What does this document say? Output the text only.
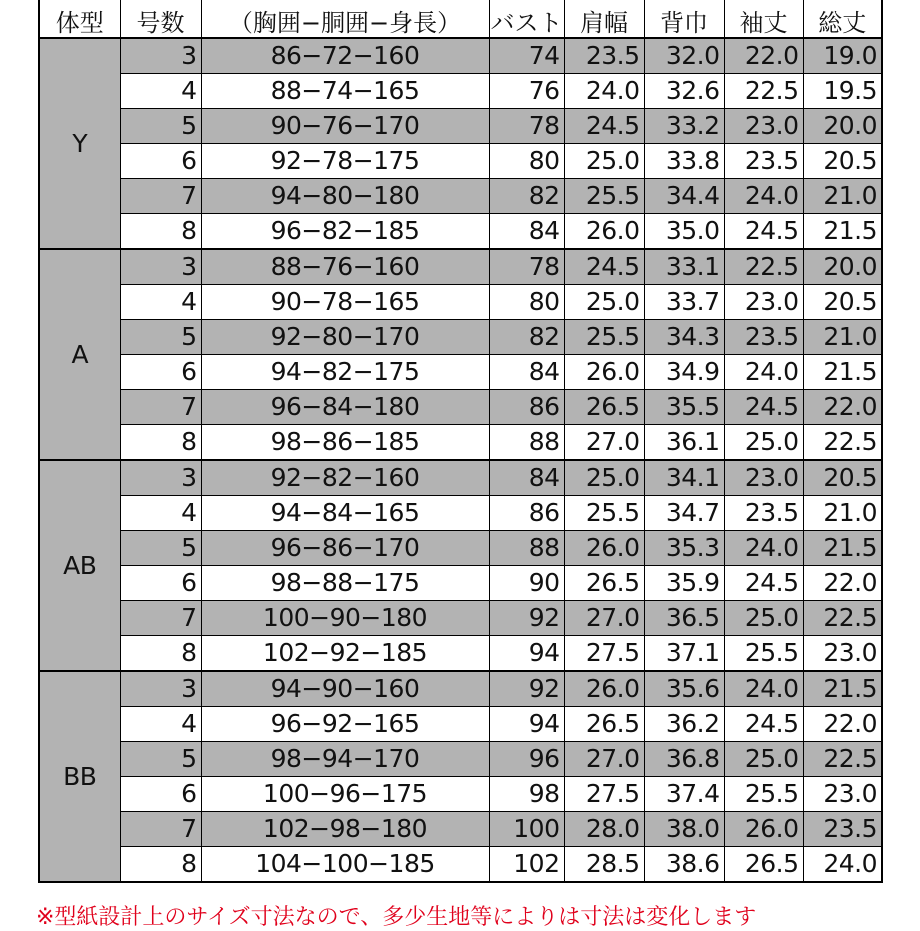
体型	号数	（胸囲−胴囲−身長）	バスト	肩幅	背巾	袖丈	総丈
Y	3	86−72−160	74	23.5	32.0	22.0	19.0
	4	88−74−165	76	24.0	32.6	22.5	19.5
	5	90−76−170	78	24.5	33.2	23.0	20.0
	6	92−78−175	80	25.0	33.8	23.5	20.5
	7	94−80−180	82	25.5	34.4	24.0	21.0
	8	96−82−185	84	26.0	35.0	24.5	21.5
A	3	88−76−160	78	24.5	33.1	22.5	20.0
	4	90−78−165	80	25.0	33.7	23.0	20.5
	5	92−80−170	82	25.5	34.3	23.5	21.0
	6	94−82−175	84	26.0	34.9	24.0	21.5
	7	96−84−180	86	26.5	35.5	24.5	22.0
	8	98−86−185	88	27.0	36.1	25.0	22.5
AB	3	92−82−160	84	25.0	34.1	23.0	20.5
	4	94−84−165	86	25.5	34.7	23.5	21.0
	5	96−86−170	88	26.0	35.3	24.0	21.5
	6	98−88−175	90	26.5	35.9	24.5	22.0
	7	100−90−180	92	27.0	36.5	25.0	22.5
	8	102−92−185	94	27.5	37.1	25.5	23.0
BB	3	94−90−160	92	26.0	35.6	24.0	21.5
	4	96−92−165	94	26.5	36.2	24.5	22.0
	5	98−94−170	96	27.0	36.8	25.0	22.5
	6	100−96−175	98	27.5	37.4	25.5	23.0
	7	102−98−180	100	28.0	38.0	26.0	23.5
	8	104−100−185	102	28.5	38.6	26.5	24.0

※型紙設計上のサイズ寸法なので、多少生地等によりは寸法は変化します
